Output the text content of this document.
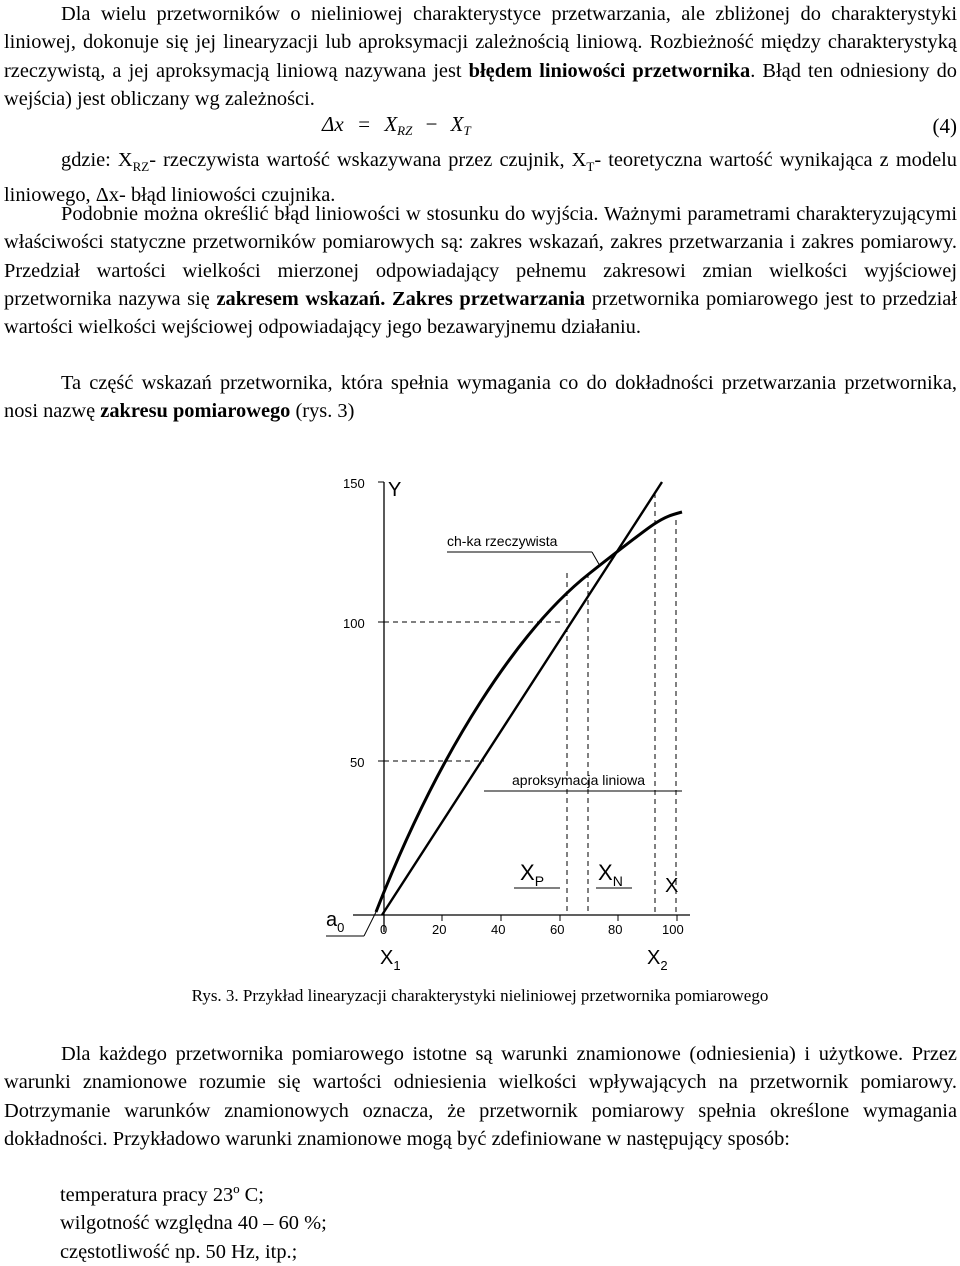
Dla wielu przetworników o nieliniowej charakterystyce przetwarzania, ale zbliżonej do charakterystyki liniowej, dokonuje się jej linearyzacji lub aproksymacji zależnością liniową. Rozbieżność między charakterystyką rzeczywistą, a jej aproksymacją liniową nazywana jest błędem liniowości przetwornika. Błąd ten odniesiony do wejścia) jest obliczany wg zależności.

$\Delta x = X_{RZ} - X_T$	(4)

gdzie: $X_{RZ}-$ rzeczywista wartość wskazywana przez czujnik, $X_T-$ teoretyczna wartość wynikająca z modelu liniowego, Δx- błąd liniowości czujnika.

Podobnie można określić błąd liniowości w stosunku do wyjścia. Ważnymi parametrami charakteryzującymi właściwości statyczne przetworników pomiarowych są: zakres wskazań, zakres przetwarzania i zakres pomiarowy. Przedział wartości wielkości mierzonej odpowiadający pełnemu zakresowi zmian wielkości wyjściowej przetwornika nazywa się zakresem wskazań. Zakres przetwarzania przetwornika pomiarowego jest to przedział wartości wielkości wejściowej odpowiadający jego bezawaryjnemu działaniu.

Ta część wskazań przetwornika, która spełnia wymagania co do dokładności przetwarzania przetwornika, nosi nazwę zakresu pomiarowego (rys. 3)

150
100
50
0	20	40	60	80	100
ch-ka rzeczywista
aproksymacja liniowa
$X_P$ $X_N$ X
Y
$a_0$
$X_1$	$X_2$
Rys. 3. Przykład linearyzacji charakterystyki nieliniowej przetwornika pomiarowego

Dla każdego przetwornika pomiarowego istotne są warunki znamionowe (odniesienia) i użytkowe. Przez warunki znamionowe rozumie się wartości odniesienia wielkości wpływających na przetwornik pomiarowy. Dotrzymanie warunków znamionowych oznacza, że przetwornik pomiarowy spełnia określone wymagania dokładności. Przykładowo warunki znamionowe mogą być zdefiniowane w następujący sposób:

temperatura pracy 23º C;
wilgotność względna 40 – 60 %;
częstotliwość np. 50 Hz, itp.;
